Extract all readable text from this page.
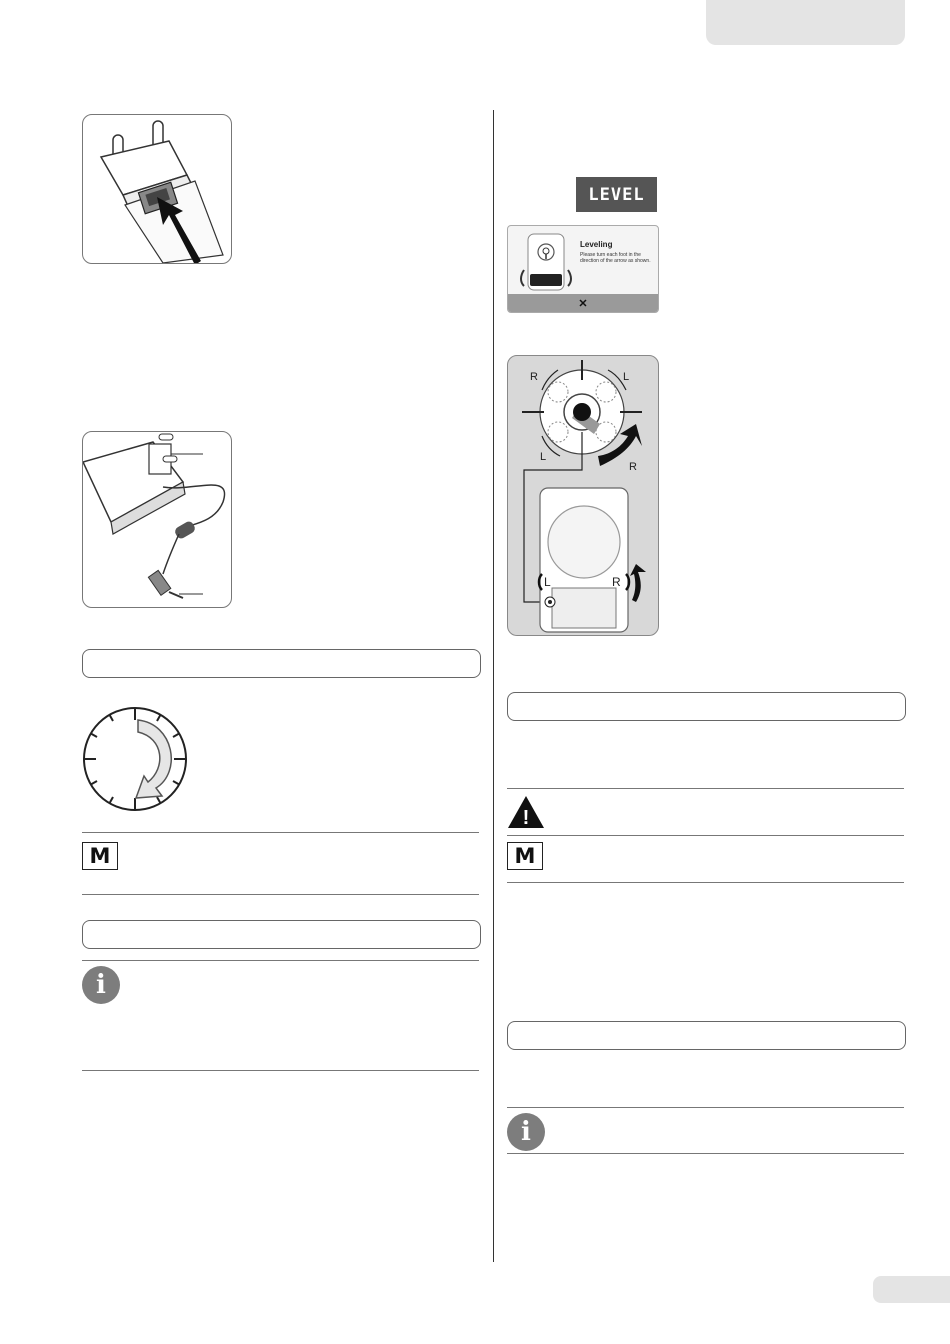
M
i
LEVEL
Leveling
Please turn each foot in the direction of the arrow as shown.
✕
R	L
L
R
L	R
!
M
i
